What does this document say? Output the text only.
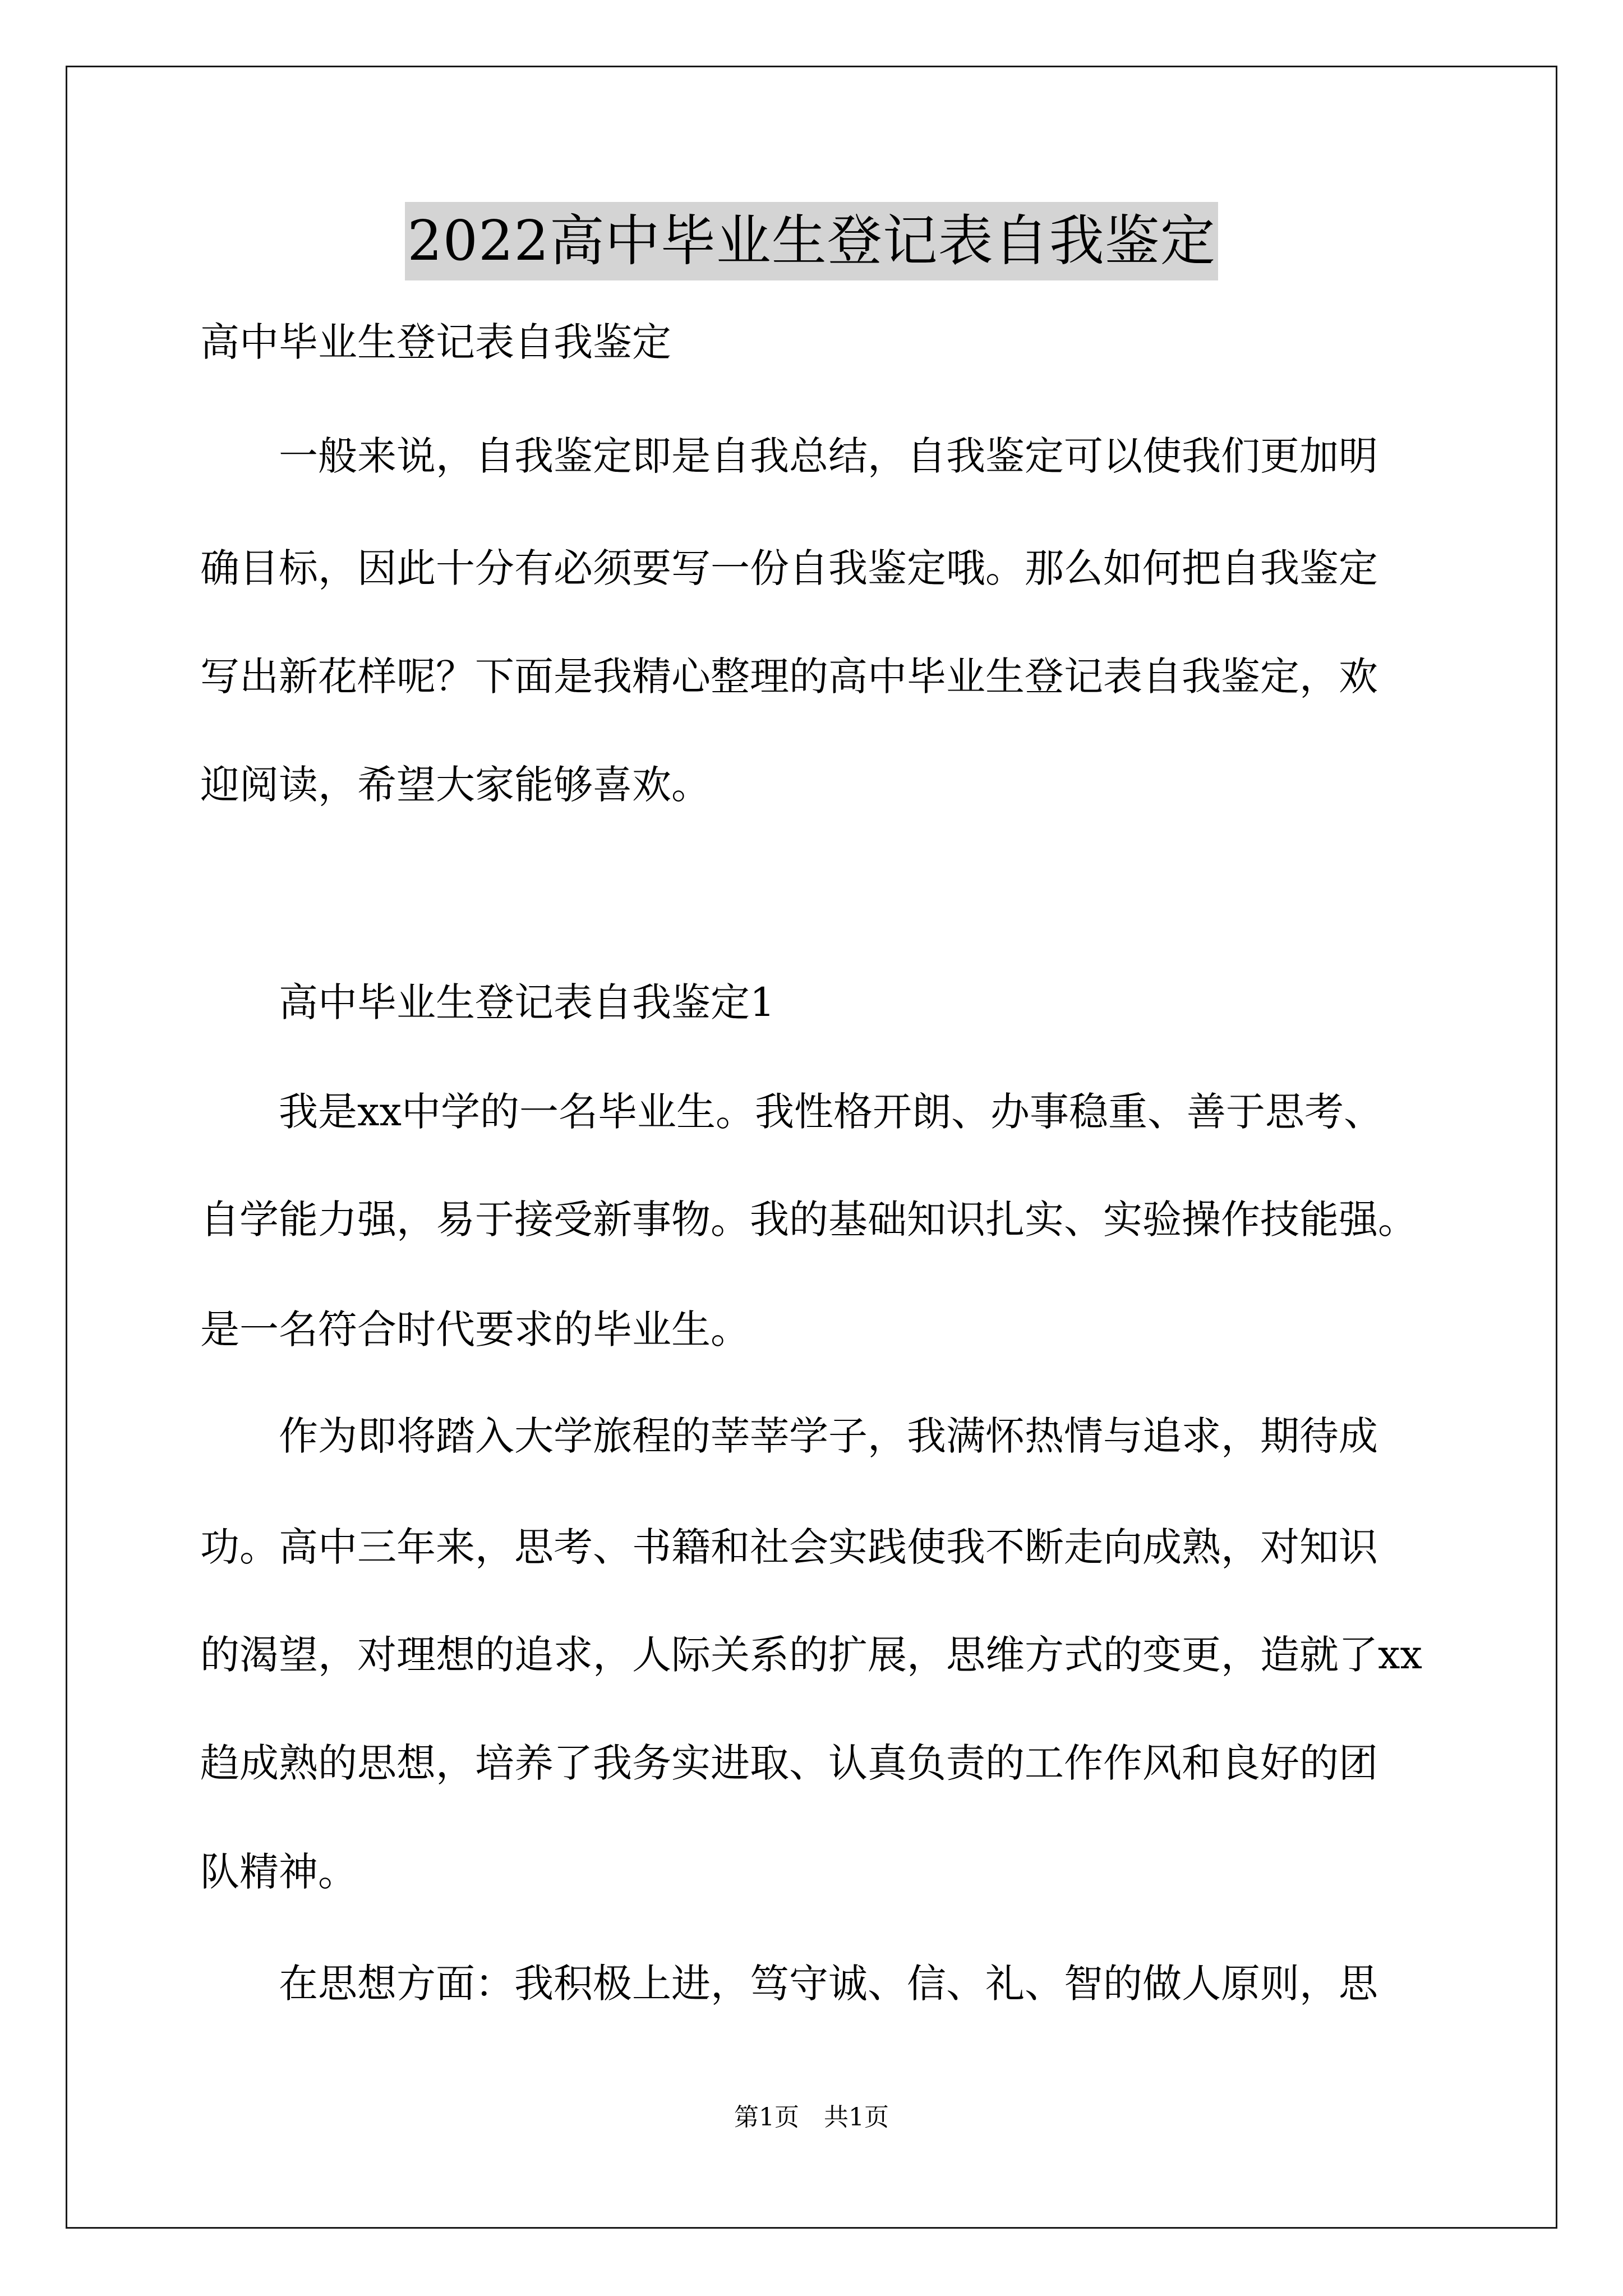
2022高中毕业生登记表自我鉴定
高中毕业生登记表自我鉴定
　　一般来说，自我鉴定即是自我总结，自我鉴定可以使我们更加明
确目标，因此十分有必须要写一份自我鉴定哦。那么如何把自我鉴定
写出新花样呢？下面是我精心整理的高中毕业生登记表自我鉴定，欢
迎阅读，希望大家能够喜欢。
　　高中毕业生登记表自我鉴定1
　　我是xx中学的一名毕业生。我性格开朗、办事稳重、善于思考、
自学能力强，易于接受新事物。我的基础知识扎实、实验操作技能强。
是一名符合时代要求的毕业生。
　　作为即将踏入大学旅程的莘莘学子，我满怀热情与追求，期待成
功。高中三年来，思考、书籍和社会实践使我不断走向成熟，对知识
的渴望，对理想的追求，人际关系的扩展，思维方式的变更，造就了xx
趋成熟的思想，培养了我务实进取、认真负责的工作作风和良好的团
队精神。
　　在思想方面：我积极上进，笃守诚、信、礼、智的做人原则，思
第1页　共1页
